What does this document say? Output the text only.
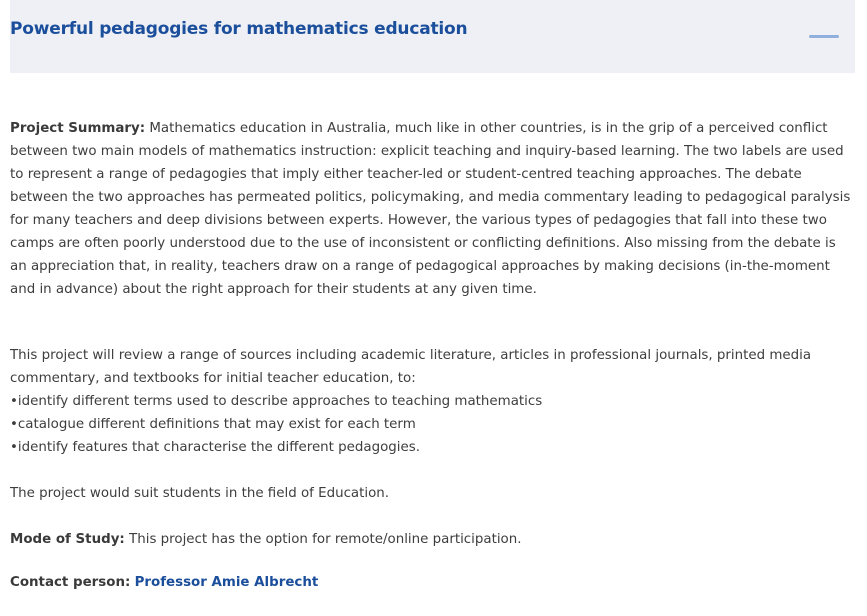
Powerful pedagogies for mathematics education

Project Summary: Mathematics education in Australia, much like in other countries, is in the grip of a perceived conflict between two main models of mathematics instruction: explicit teaching and inquiry-based learning. The two labels are used to represent a range of pedagogies that imply either teacher-led or student-centred teaching approaches. The debate between the two approaches has permeated politics, policymaking, and media commentary leading to pedagogical paralysis for many teachers and deep divisions between experts. However, the various types of pedagogies that fall into these two camps are often poorly understood due to the use of inconsistent or conflicting definitions. Also missing from the debate is an appreciation that, in reality, teachers draw on a range of pedagogical approaches by making decisions (in-the-moment and in advance) about the right approach for their students at any given time.

This project will review a range of sources including academic literature, articles in professional journals, printed media commentary, and textbooks for initial teacher education, to:

•identify different terms used to describe approaches to teaching mathematics

•catalogue different definitions that may exist for each term

•identify features that characterise the different pedagogies.

The project would suit students in the field of Education.

Mode of Study: This project has the option for remote/online participation.

Contact person: Professor Amie Albrecht
